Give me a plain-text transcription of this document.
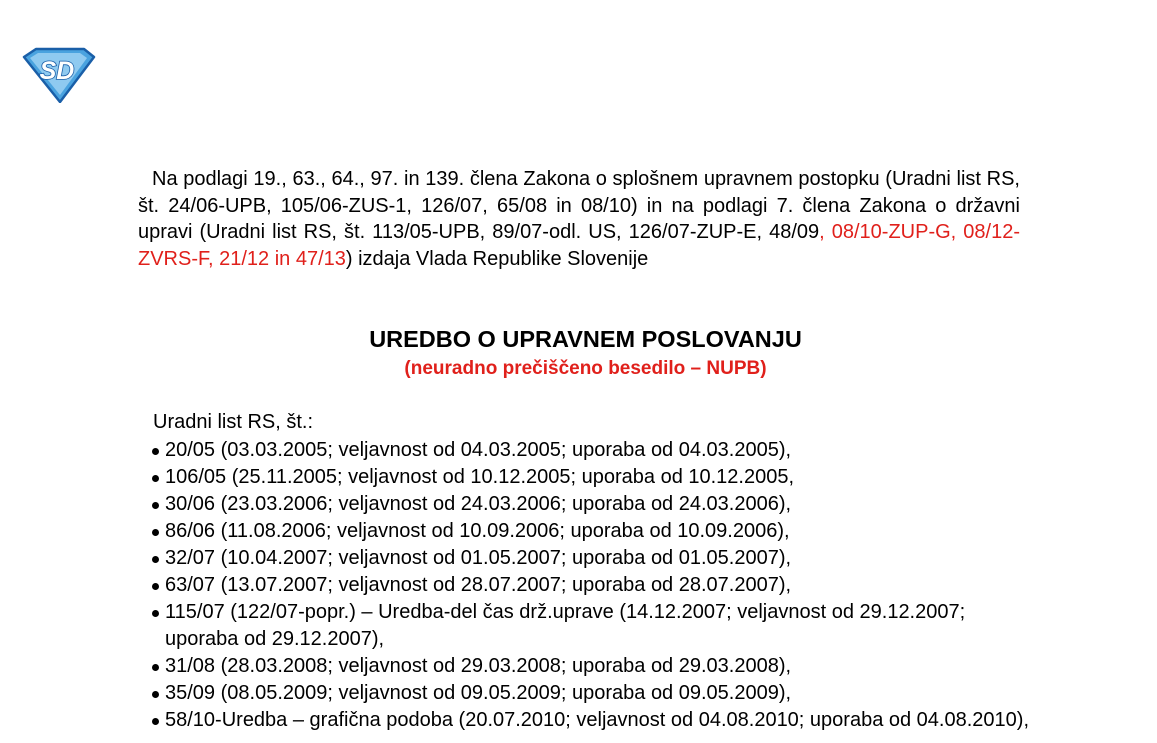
SD

Na podlagi 19., 63., 64., 97. in 139. člena Zakona o splošnem upravnem postopku (Uradni list RS, št. 24/06-UPB, 105/06-ZUS-1, 126/07, 65/08 in 08/10) in na podlagi 7. člena Zakona o državni upravi (Uradni list RS, št. 113/05-UPB, 89/07-odl. US, 126/07-ZUP-E, 48/09, 08/10-ZUP-G, 08/12-ZVRS-F, 21/12 in 47/13) izdaja Vlada Republike Slovenije

UREDBO O UPRAVNEM POSLOVANJU
(neuradno prečiščeno besedilo – NUPB)

Uradni list RS, št.:

20/05 (03.03.2005; veljavnost od 04.03.2005; uporaba od 04.03.2005),
106/05 (25.11.2005; veljavnost od 10.12.2005; uporaba od 10.12.2005,
30/06 (23.03.2006; veljavnost od 24.03.2006; uporaba od 24.03.2006),
86/06 (11.08.2006; veljavnost od 10.09.2006; uporaba od 10.09.2006),
32/07 (10.04.2007; veljavnost od 01.05.2007; uporaba od 01.05.2007),
63/07 (13.07.2007; veljavnost od 28.07.2007; uporaba od 28.07.2007),
115/07 (122/07-popr.) – Uredba-del čas drž.uprave (14.12.2007; veljavnost od 29.12.2007; uporaba od 29.12.2007),
31/08 (28.03.2008; veljavnost od 29.03.2008; uporaba od 29.03.2008),
35/09 (08.05.2009; veljavnost od 09.05.2009; uporaba od 09.05.2009),
58/10-Uredba – grafična podoba (20.07.2010; veljavnost od 04.08.2010; uporaba od 04.08.2010),
